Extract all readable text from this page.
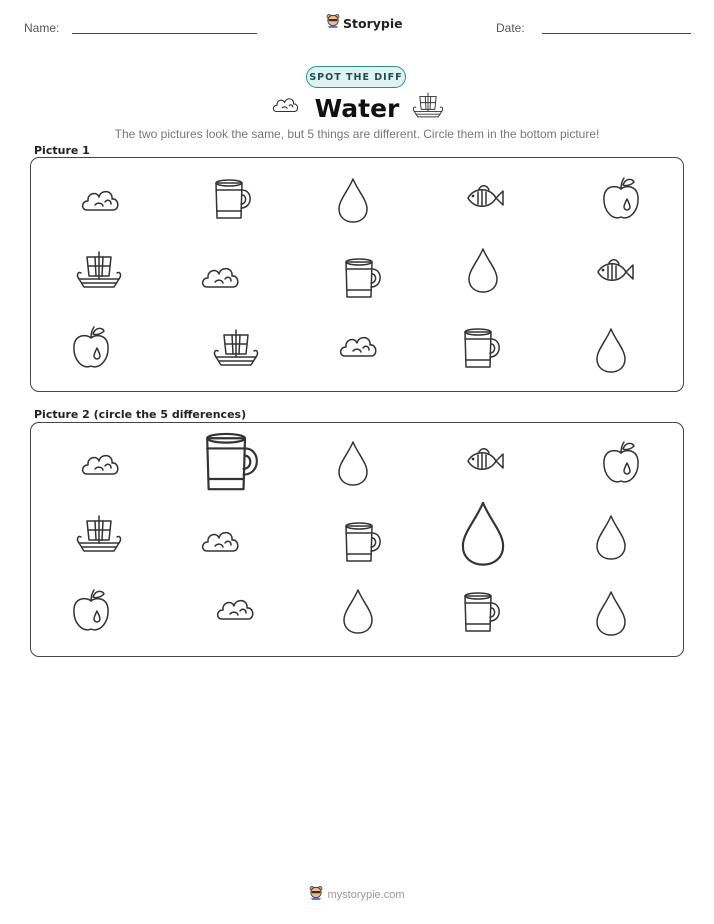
Name:	Storypie	Date:
SPOT THE DIFF
Water
The two pictures look the same, but 5 things are different. Circle them in the bottom picture!
Picture 1
Picture 2 (circle the 5 differences)
mystorypie.com
